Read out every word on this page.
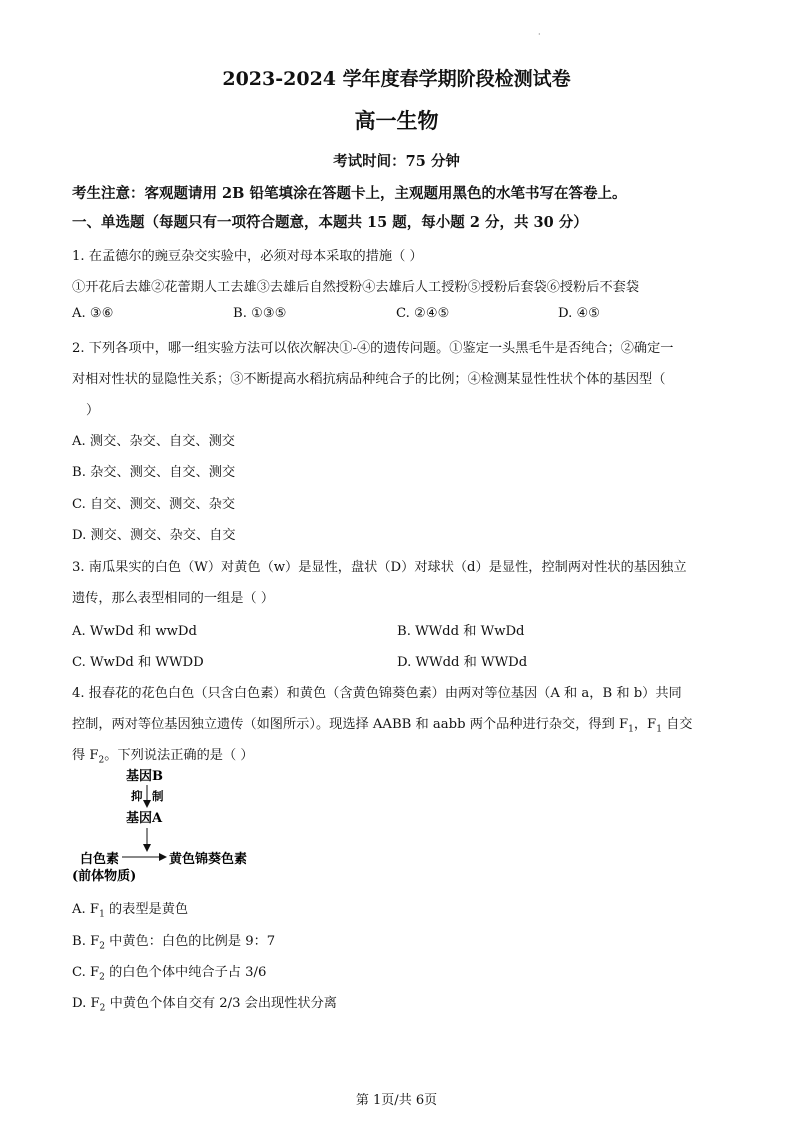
·
2023-2024 学年度春学期阶段检测试卷
高一生物
考试时间：75 分钟
考生注意：客观题请用 2B 铅笔填涂在答题卡上，主观题用黑色的水笔书写在答卷上。
一、单选题（每题只有一项符合题意，本题共 15 题，每小题 2 分，共 30 分）
1. 在孟德尔的豌豆杂交实验中，必须对母本采取的措施（ ）
①开花后去雄②花蕾期人工去雄③去雄后自然授粉④去雄后人工授粉⑤授粉后套袋⑥授粉后不套袋
A. ③⑥	B. ①③⑤	C. ②④⑤	D. ④⑤
2. 下列各项中，哪一组实验方法可以依次解决①-④的遗传问题。①鉴定一头黑毛牛是否纯合；②确定一
对相对性状的显隐性关系；③不断提高水稻抗病品种纯合子的比例；④检测某显性性状个体的基因型（
）
A. 测交、杂交、自交、测交
B. 杂交、测交、自交、测交
C. 自交、测交、测交、杂交
D. 测交、测交、杂交、自交
3. 南瓜果实的白色（W）对黄色（w）是显性，盘状（D）对球状（d）是显性，控制两对性状的基因独立
遗传，那么表型相同的一组是（ ）
A. WwDd 和 wwDd	B. WWdd 和 WwDd
C. WwDd 和 WWDD	D. WWdd 和 WWDd
4. 报春花的花色白色（只含白色素）和黄色（含黄色锦葵色素）由两对等位基因（A 和 a，B 和 b）共同
控制，两对等位基因独立遗传（如图所示）。现选择 AABB 和 aabb 两个品种进行杂交，得到 $F_1$，$F_1$ 自交
得 $F_2$。下列说法正确的是（ ）
基因B
抑 制
基因A
白色素	黄色锦葵色素
(前体物质)
A. $F_1$ 的表型是黄色
B. $F_2$ 中黄色：白色的比例是 9：7
C. $F_2$ 的白色个体中纯合子占 3/6
D. $F_2$ 中黄色个体自交有 2/3 会出现性状分离
第 1页/共 6页
